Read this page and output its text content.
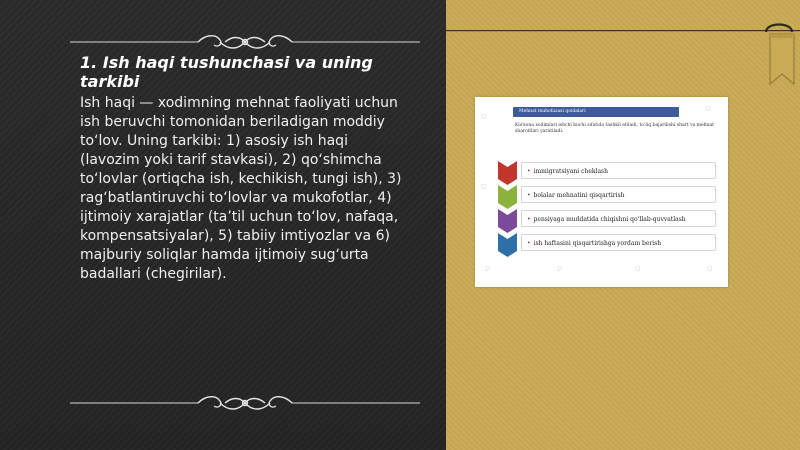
1. Ish haqi tushunchasi va uning tarkibi

Ish haqi — xodimning mehnat faoliyati uchun ish beruvchi tomonidan beriladigan moddiy to‘lov. Uning tarkibi: 1) asosiy ish haqi (lavozim yoki tarif stavkasi), 2) qo‘shimcha to‘lovlar (ortiqcha ish, kechikish, tungi ish), 3) rag‘batlantiruvchi to‘lovlar va mukofotlar, 4) ijtimoiy xarajatlar (ta’til uchun to‘lov, nafaqa, kompensatsiyalar), 5) tabiiy imtiyozlar va 6) majburiy soliqlar hamda ijtimoiy sug‘urta badallari (chegirilar).

D
D
D
D	D	D	D
Mehnat muhofazasi qoidalari
Korxona xodimlari ishchi kuchi sifatida tashkil etiladi, to‘liq bajarilishi shart va mehnat sharoitlari yaratiladi.
• immigratsiyani cheklash
• bolalar mehnatini qisqartirish
• pensiyaga muddatida chiqishni qo‘llab-quvvatlash
• ish haftasini qisqartirishga yordam berish
